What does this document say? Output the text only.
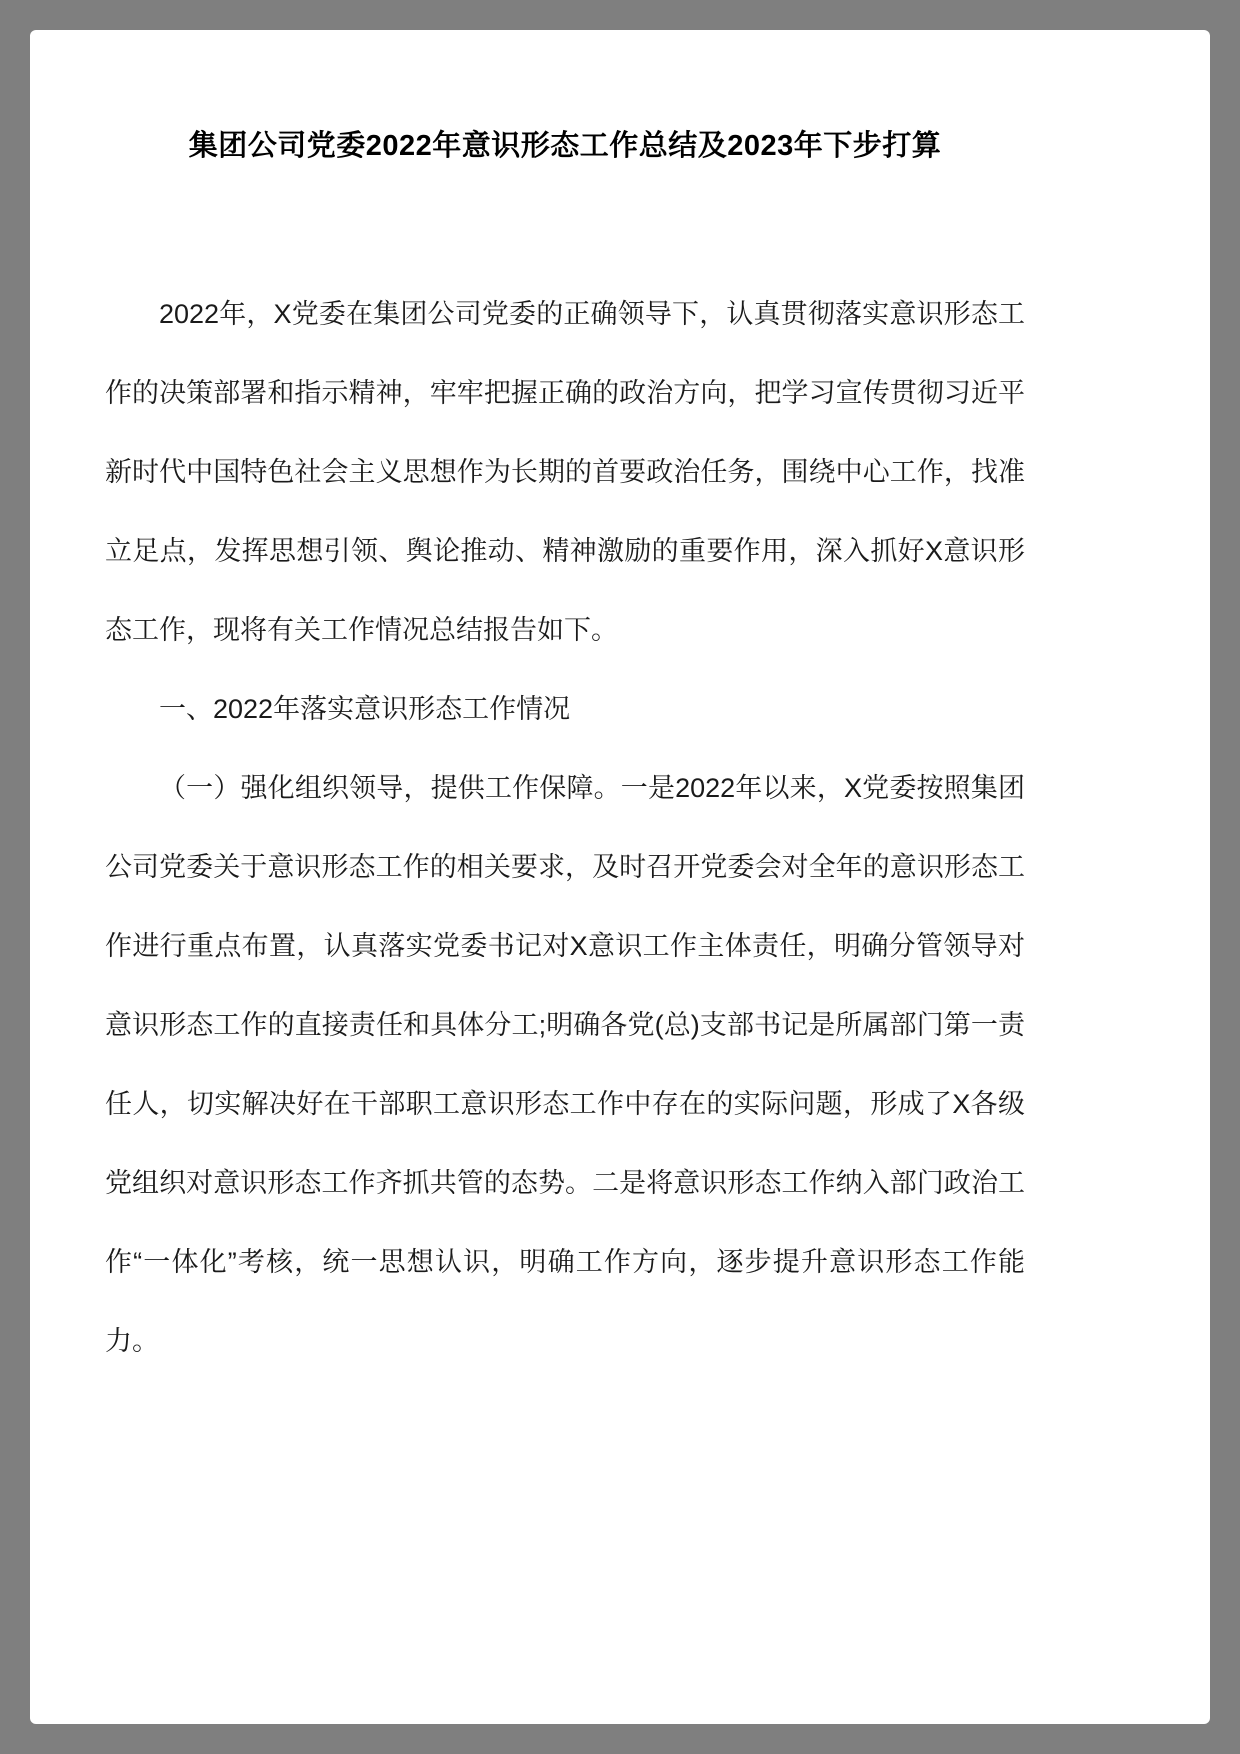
集团公司党委2022年意识形态工作总结及2023年下步打算

2022年，X党委在集团公司党委的正确领导下，认真贯彻落实意识形态工作的决策部署和指示精神，牢牢把握正确的政治方向，把学习宣传贯彻习近平新时代中国特色社会主义思想作为长期的首要政治任务，围绕中心工作，找准立足点，发挥思想引领、舆论推动、精神激励的重要作用，深入抓好X意识形态工作，现将有关工作情况总结报告如下。

一、2022年落实意识形态工作情况

（一）强化组织领导，提供工作保障。一是2022年以来，X党委按照集团公司党委关于意识形态工作的相关要求，及时召开党委会对全年的意识形态工作进行重点布置，认真落实党委书记对X意识工作主体责任，明确分管领导对意识形态工作的直接责任和具体分工;明确各党(总)支部书记是所属部门第一责任人，切实解决好在干部职工意识形态工作中存在的实际问题，形成了X各级党组织对意识形态工作齐抓共管的态势。二是将意识形态工作纳入部门政治工作“一体化”考核，统一思想认识，明确工作方向，逐步提升意识形态工作能力。
